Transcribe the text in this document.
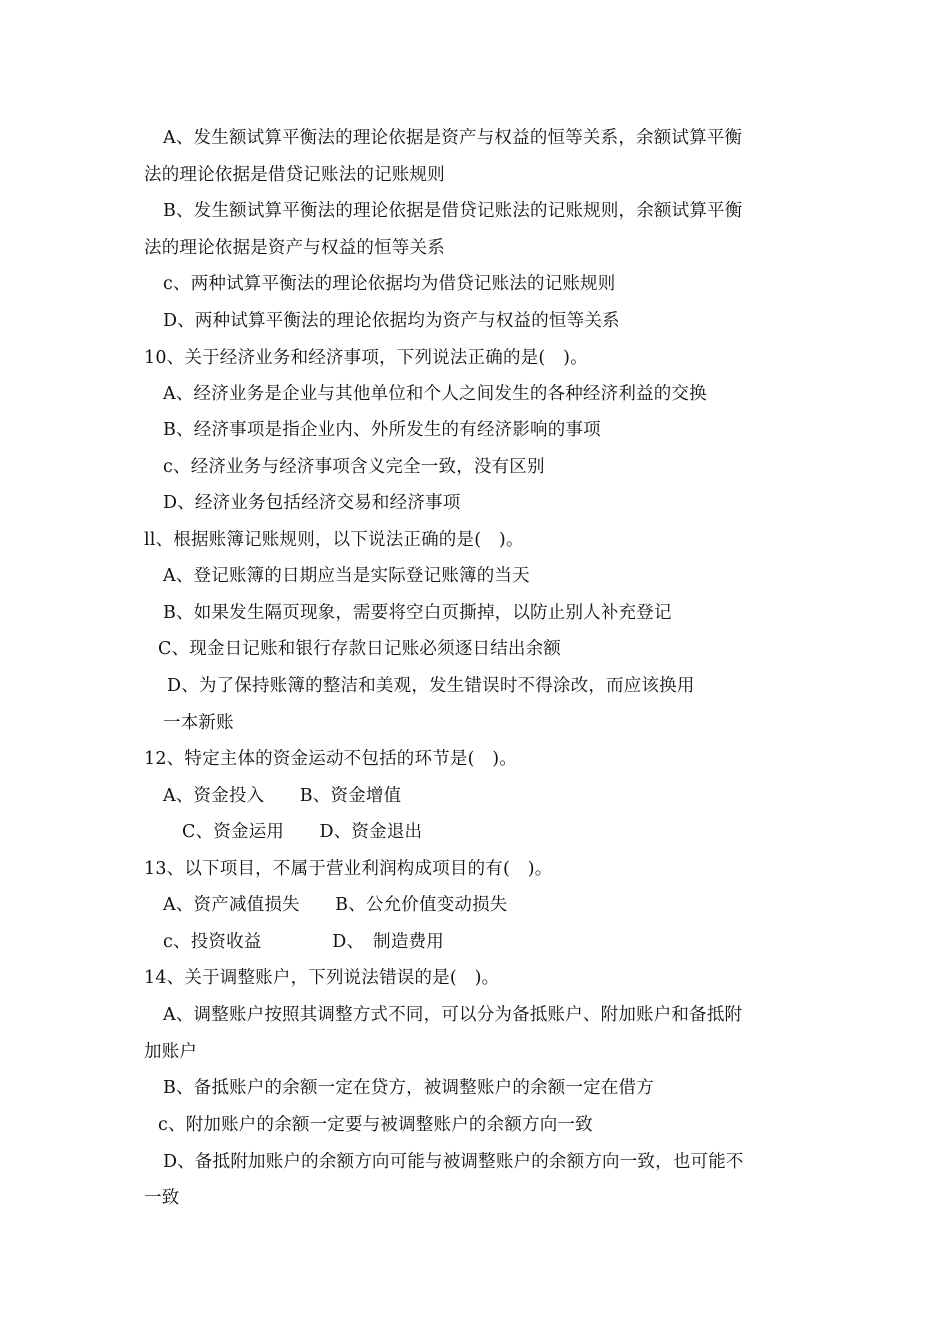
A、发生额试算平衡法的理论依据是资产与权益的恒等关系，余额试算平衡
法的理论依据是借贷记账法的记账规则
B、发生额试算平衡法的理论依据是借贷记账法的记账规则，余额试算平衡
法的理论依据是资产与权益的恒等关系
c、两种试算平衡法的理论依据均为借贷记账法的记账规则
D、两种试算平衡法的理论依据均为资产与权益的恒等关系
10、关于经济业务和经济事项，下列说法正确的是(　)。
A、经济业务是企业与其他单位和个人之间发生的各种经济利益的交换
B、经济事项是指企业内、外所发生的有经济影响的事项
c、经济业务与经济事项含义完全一致，没有区别
D、经济业务包括经济交易和经济事项
ll、根据账簿记账规则，以下说法正确的是(　)。
A、登记账簿的日期应当是实际登记账簿的当天
B、如果发生隔页现象，需要将空白页撕掉，以防止别人补充登记
C、现金日记账和银行存款日记账必须逐日结出余额
D、为了保持账簿的整洁和美观，发生错误时不得涂改，而应该换用
一本新账
12、特定主体的资金运动不包括的环节是(　)。
A、资金投入　　B、资金增值
C、资金运用　　D、资金退出
13、以下项目，不属于营业利润构成项目的有(　)。
A、资产减值损失　　B、公允价值变动损失
c、投资收益　　　　D、　制造费用
14、关于调整账户，下列说法错误的是(　)。
A、调整账户按照其调整方式不同，可以分为备抵账户、附加账户和备抵附
加账户
B、备抵账户的余额一定在贷方，被调整账户的余额一定在借方
c、附加账户的余额一定要与被调整账户的余额方向一致
D、备抵附加账户的余额方向可能与被调整账户的余额方向一致，也可能不
一致
